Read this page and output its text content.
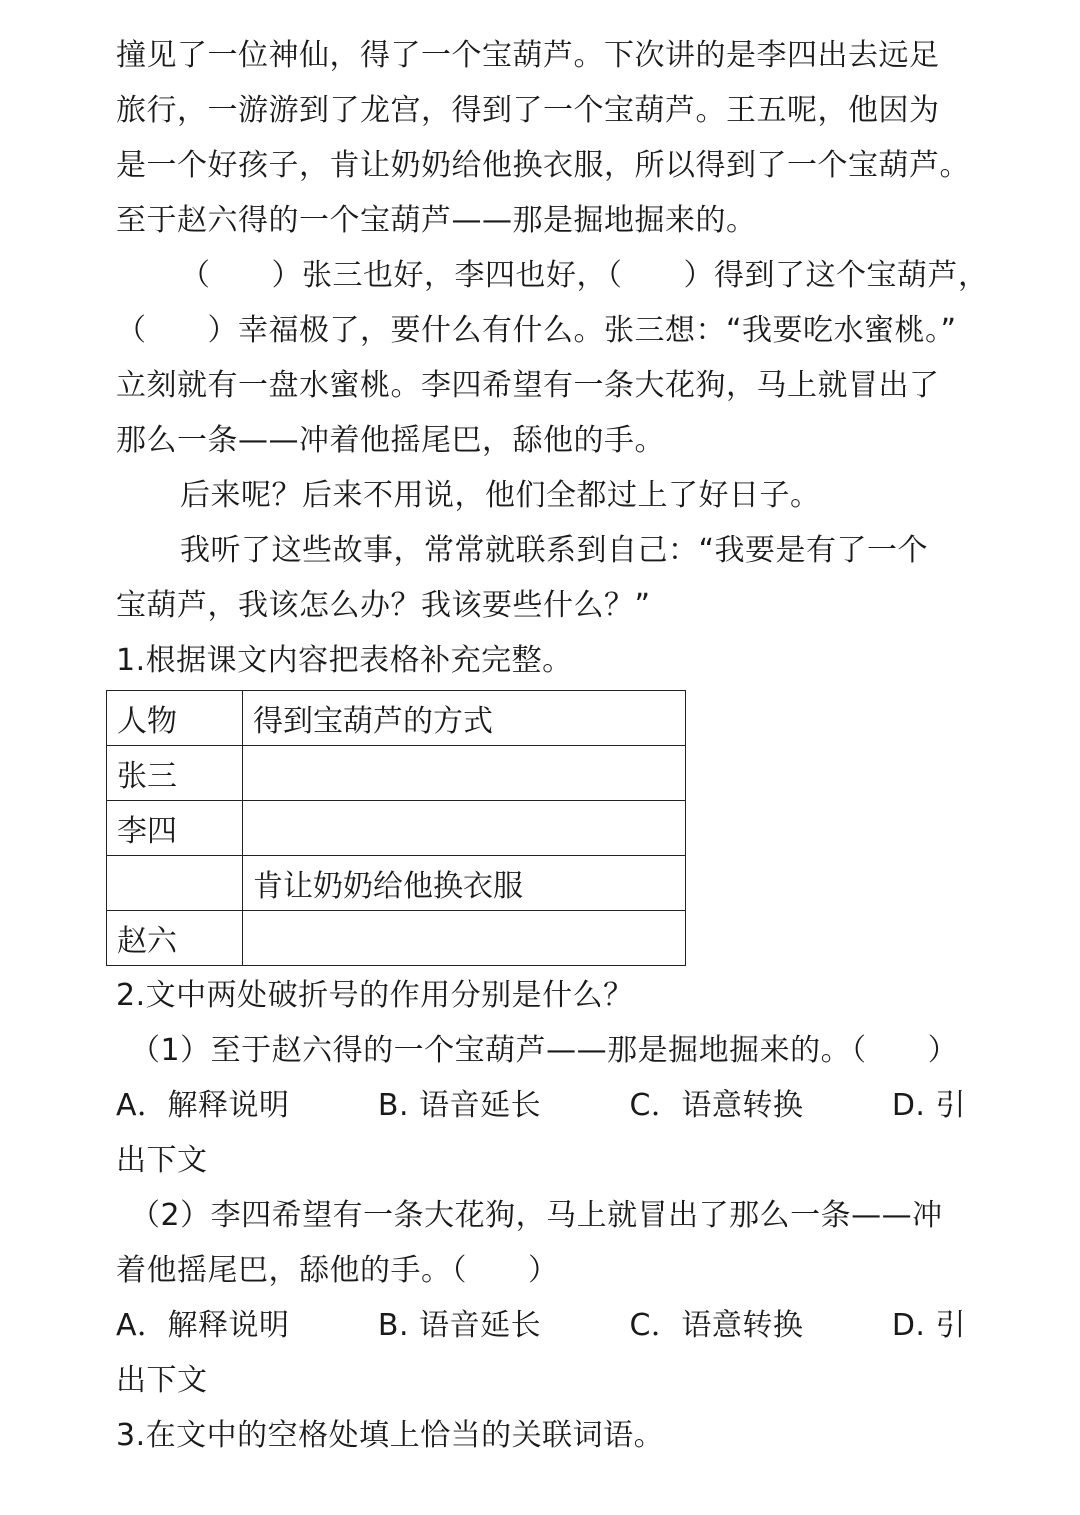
撞见了一位神仙，得了一个宝葫芦。下次讲的是李四出去远足
旅行，一游游到了龙宫，得到了一个宝葫芦。王五呢，他因为
是一个好孩子，肯让奶奶给他换衣服，所以得到了一个宝葫芦。
至于赵六得的一个宝葫芦——那是掘地掘来的。
（　　）张三也好，李四也好，（　　）得到了这个宝葫芦，
（　　）幸福极了，要什么有什么。张三想：“我要吃水蜜桃。”
立刻就有一盘水蜜桃。李四希望有一条大花狗，马上就冒出了
那么一条——冲着他摇尾巴，舔他的手。
后来呢？后来不用说，他们全都过上了好日子。
我听了这些故事，常常就联系到自己：“我要是有了一个
宝葫芦，我该怎么办？我该要些什么？”
1.根据课文内容把表格补充完整。
人物	得到宝葫芦的方式
张三	
李四	
	肯让奶奶给他换衣服
赵六	
2.文中两处破折号的作用分别是什么？
（1）至于赵六得的一个宝葫芦——那是掘地掘来的。（　　）
A．解释说明	B. 语音延长	C．语意转换	D. 引
出下文
（2）李四希望有一条大花狗，马上就冒出了那么一条——冲
着他摇尾巴，舔他的手。（　　）
A．解释说明	B. 语音延长	C．语意转换	D. 引
出下文
3.在文中的空格处填上恰当的关联词语。
